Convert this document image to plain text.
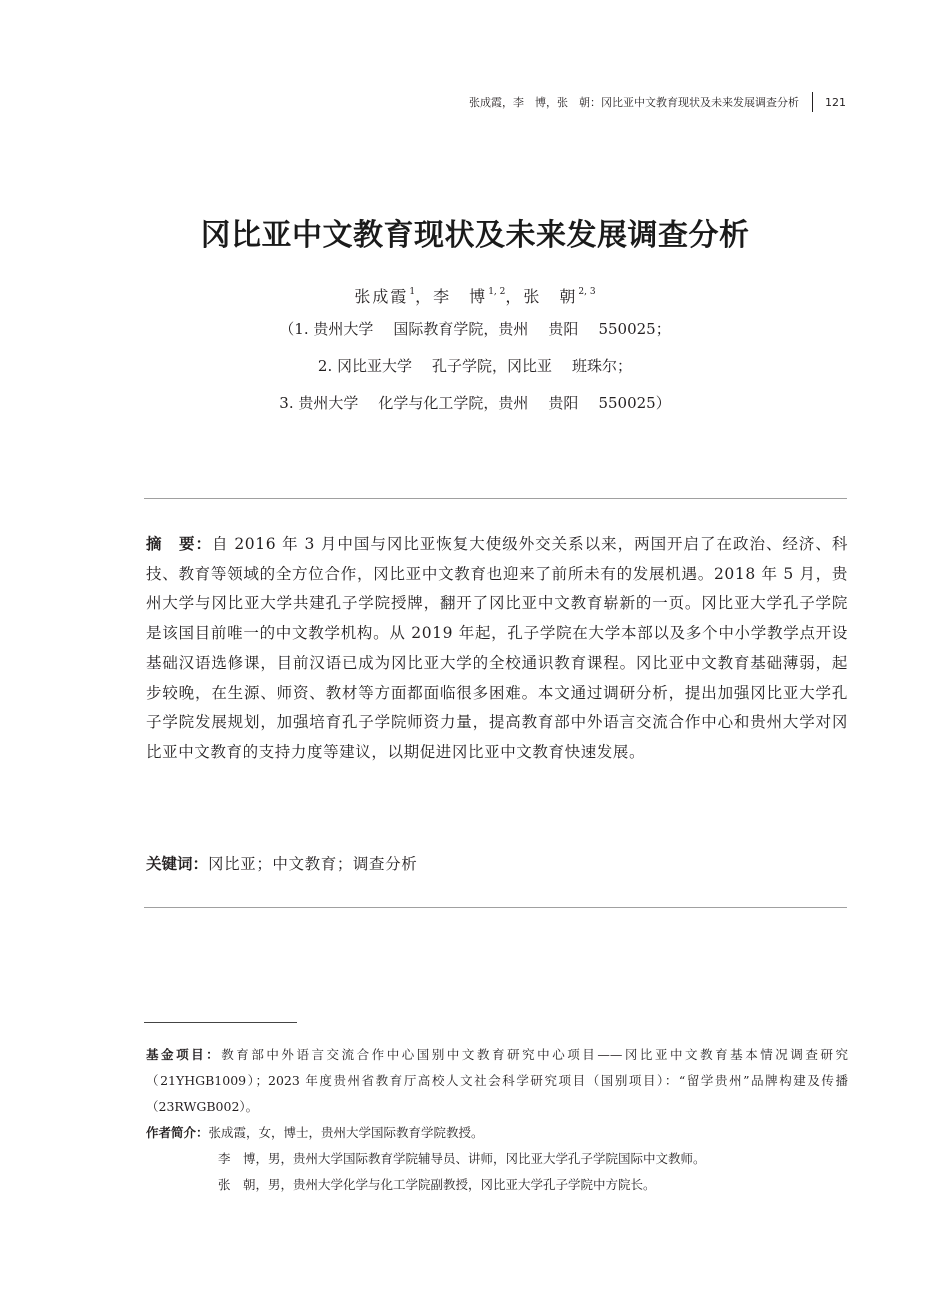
张成霞，李　博，张　朝：冈比亚中文教育现状及未来发展调查分析 121
冈比亚中文教育现状及未来发展调查分析
张成霞$^1$，李　博$^{1, 2}$，张　朝$^{2, 3}$
（1. 贵州大学 国际教育学院，贵州 贵阳 550025；
2. 冈比亚大学 孔子学院，冈比亚 班珠尔；
3. 贵州大学 化学与化工学院，贵州 贵阳 550025）
摘　要：自 2016 年 3 月中国与冈比亚恢复大使级外交关系以来，两国开启了在政治、经济、科技、教育等领域的全方位合作，冈比亚中文教育也迎来了前所未有的发展机遇。2018 年 5 月，贵州大学与冈比亚大学共建孔子学院授牌，翻开了冈比亚中文教育崭新的一页。冈比亚大学孔子学院是该国目前唯一的中文教学机构。从 2019 年起，孔子学院在大学本部以及多个中小学教学点开设基础汉语选修课，目前汉语已成为冈比亚大学的全校通识教育课程。冈比亚中文教育基础薄弱，起步较晚，在生源、师资、教材等方面都面临很多困难。本文通过调研分析，提出加强冈比亚大学孔子学院发展规划，加强培育孔子学院师资力量，提高教育部中外语言交流合作中心和贵州大学对冈比亚中文教育的支持力度等建议，以期促进冈比亚中文教育快速发展。
关键词：冈比亚；中文教育；调查分析
基金项目：教育部中外语言交流合作中心国别中文教育研究中心项目——冈比亚中文教育基本情况调查研究（21YHGB1009）；2023 年度贵州省教育厅高校人文社会科学研究项目（国别项目）：“留学贵州”品牌构建及传播（23RWGB002）。
作者简介：张成霞，女，博士，贵州大学国际教育学院教授。
李　博，男，贵州大学国际教育学院辅导员、讲师，冈比亚大学孔子学院国际中文教师。
张　朝，男，贵州大学化学与化工学院副教授，冈比亚大学孔子学院中方院长。
